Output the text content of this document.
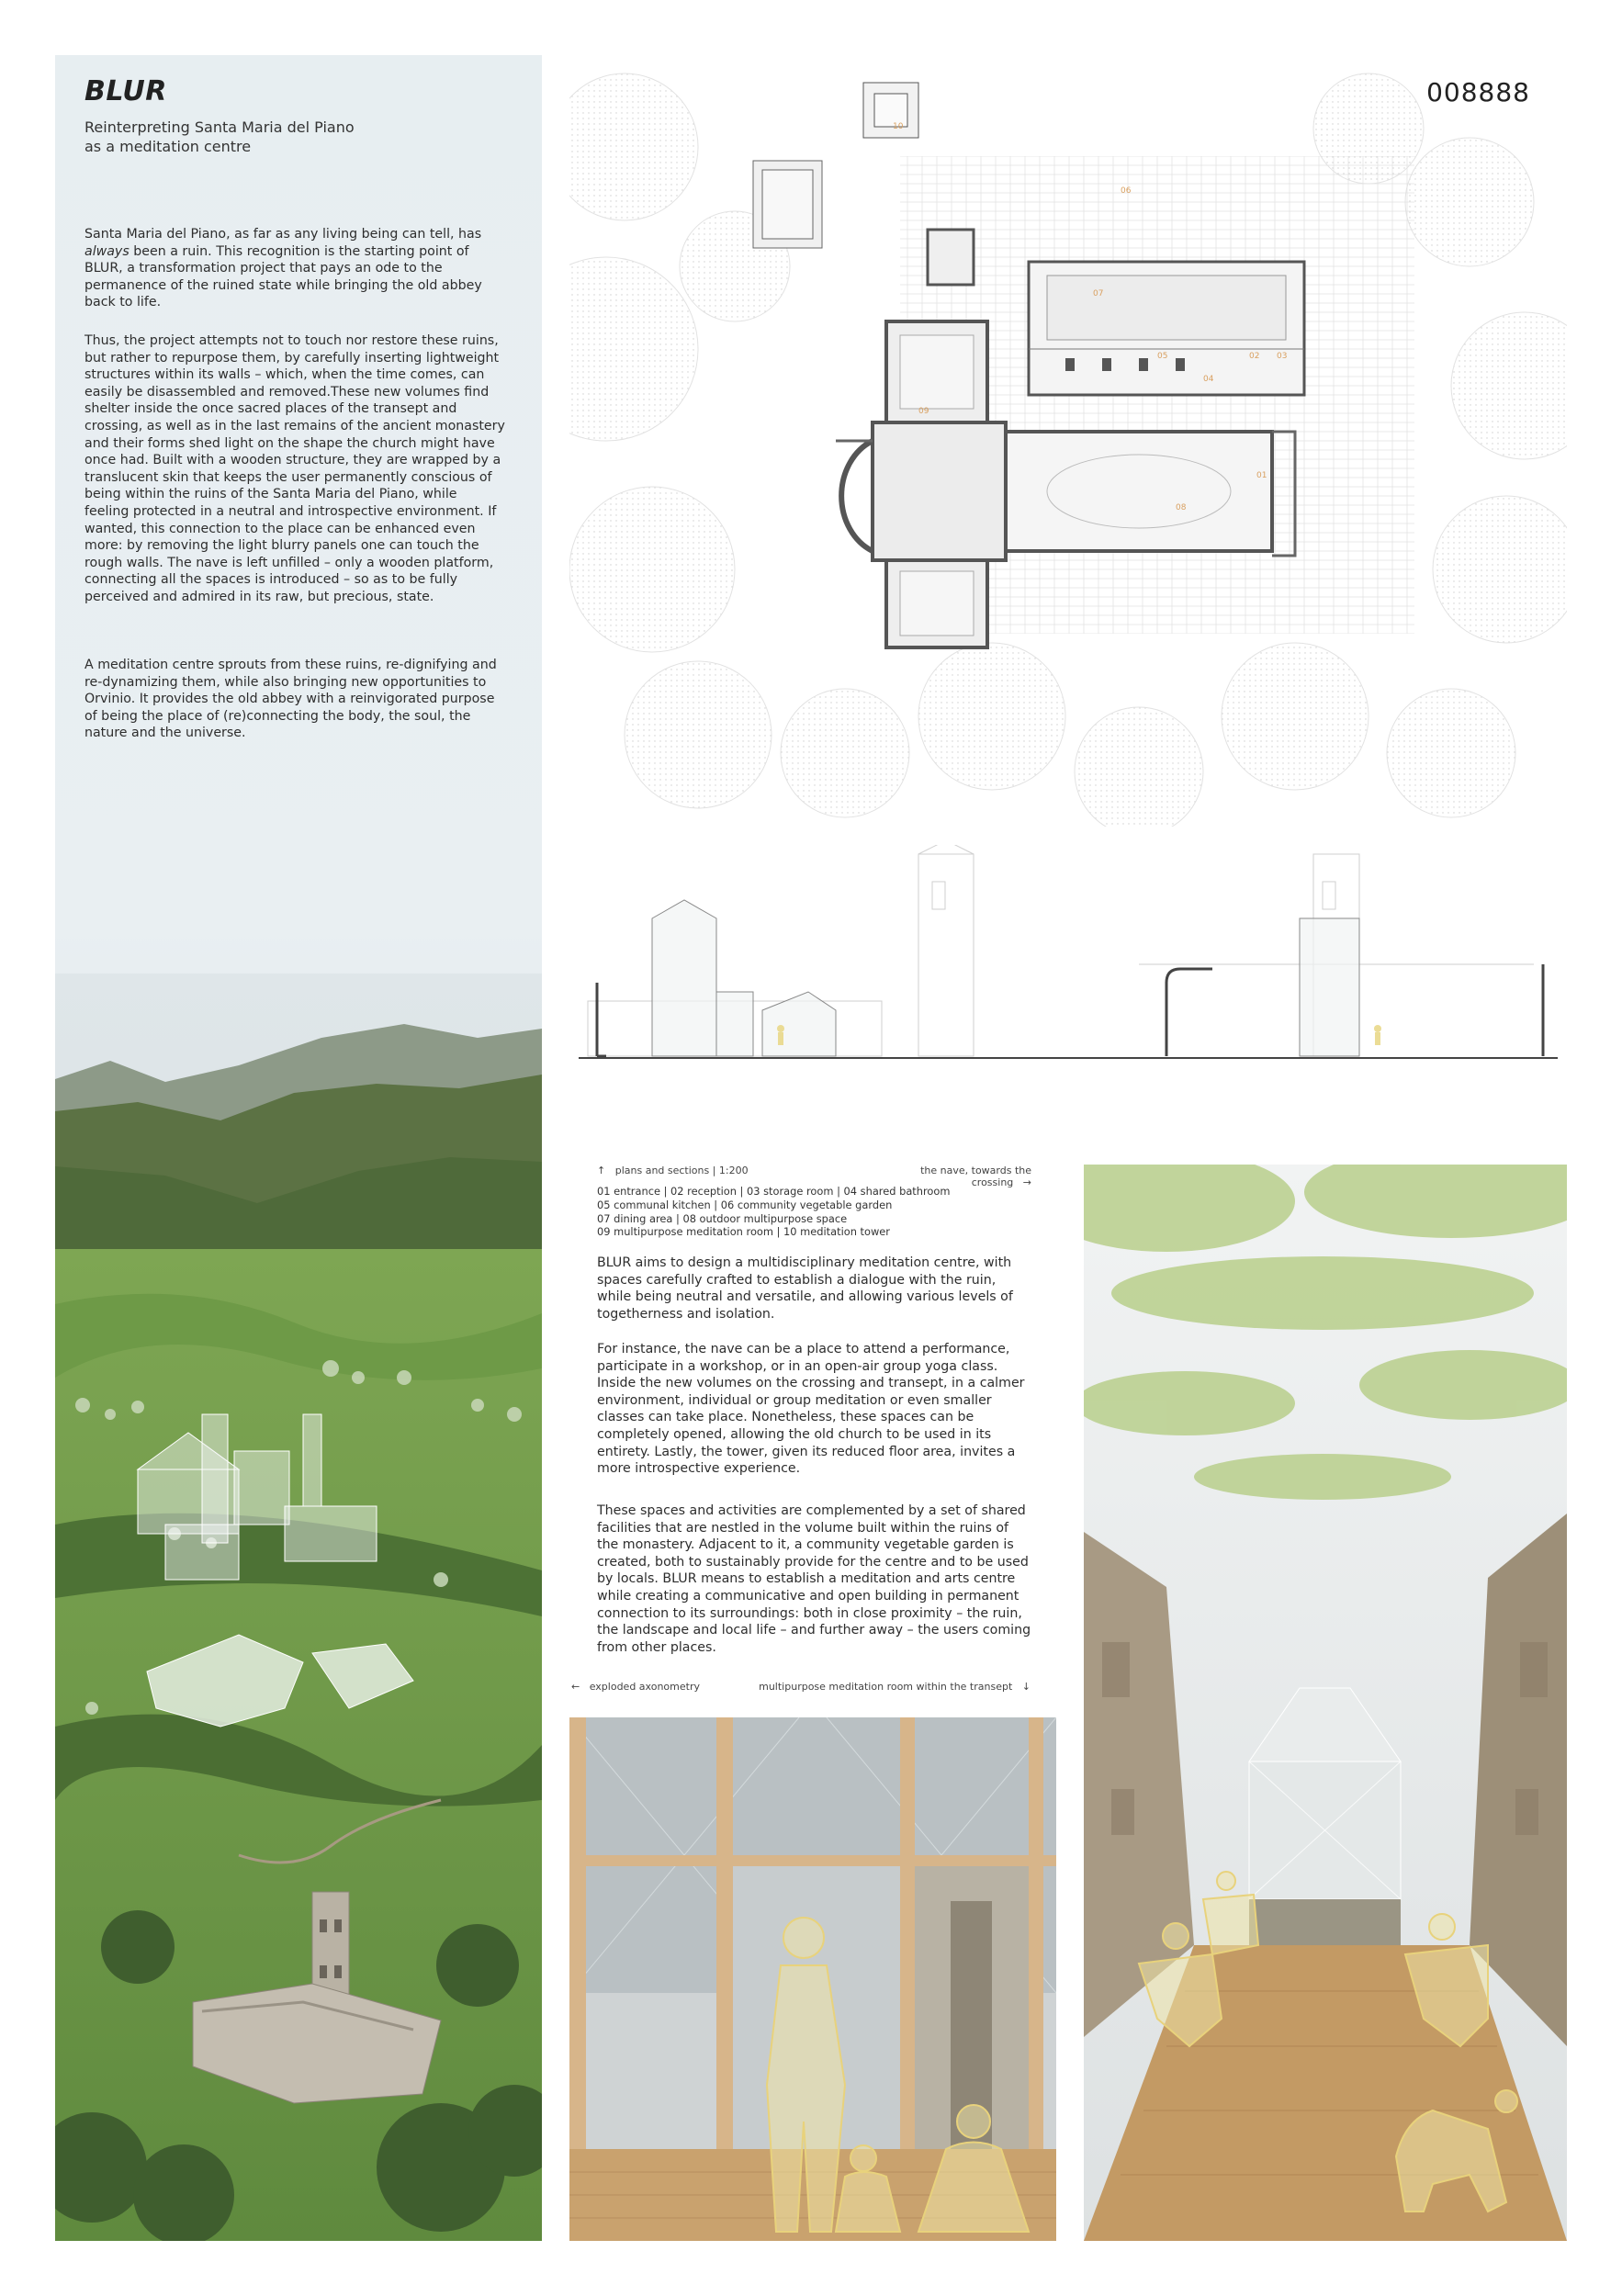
BLUR
Reinterpreting Santa Maria del Piano
as a meditation centre
Santa Maria del Piano, as far as any living being can tell, has always been a ruin. This recognition is the starting point of BLUR, a transformation project that pays an ode to the permanence of the ruined state while bringing the old abbey back to life.
Thus, the project attempts not to touch nor restore these ruins, but rather to repurpose them, by carefully inserting lightweight structures within its walls – which, when the time comes, can easily be disassembled and removed.These new volumes find shelter inside the once sacred places of the transept and crossing, as well as in the last remains of the ancient monastery and their forms shed light on the shape the church might have once had. Built with a wooden structure, they are wrapped by a translucent skin that keeps the user permanently conscious of being within the ruins of the Santa Maria del Piano, while feeling protected in a neutral and introspective environment. If wanted, this connection to the place can be enhanced even more: by removing the light blurry panels one can touch the rough walls. The nave is left unfilled – only a wooden platform, connecting all the spaces is introduced – so as to be fully perceived and admired in its raw, but precious, state.
A meditation centre sprouts from these ruins, re-dignifying and re-dynamizing them, while also bringing new opportunities to Orvinio. It provides the old abbey with a reinvigorated purpose of being the place of (re)connecting the body, the soul, the nature and the universe.
008888
01
02 03
04
05
06
07
08
09
10
↑ plans and sections | 1:200	the nave, towards the crossing →
01 entrance | 02 reception | 03 storage room | 04 shared bathroom
05 communal kitchen | 06 community vegetable garden
07 dining area | 08 outdoor multipurpose space
09 multipurpose meditation room | 10 meditation tower
BLUR aims to design a multidisciplinary meditation centre, with spaces carefully crafted to establish a dialogue with the ruin, while being neutral and versatile, and allowing various levels of togetherness and isolation.
For instance, the nave can be a place to attend a performance, participate in a workshop, or in an open-air group yoga class. Inside the new volumes on the crossing and transept, in a calmer environment, individual or group meditation or even smaller classes can take place. Nonetheless, these spaces can be completely opened, allowing the old church to be used in its entirety. Lastly, the tower, given its reduced floor area, invites a more introspective experience.
These spaces and activities are complemented by a set of shared facilities that are nestled in the volume built within the ruins of the monastery. Adjacent to it, a community vegetable garden is created, both to sustainably provide for the centre and to be used by locals. BLUR means to establish a meditation and arts centre while creating a communicative and open building in permanent connection to its surroundings: both in close proximity – the ruin, the landscape and local life – and further away – the users coming from other places.
← exploded axonometry	multipurpose meditation room within the transept ↓
